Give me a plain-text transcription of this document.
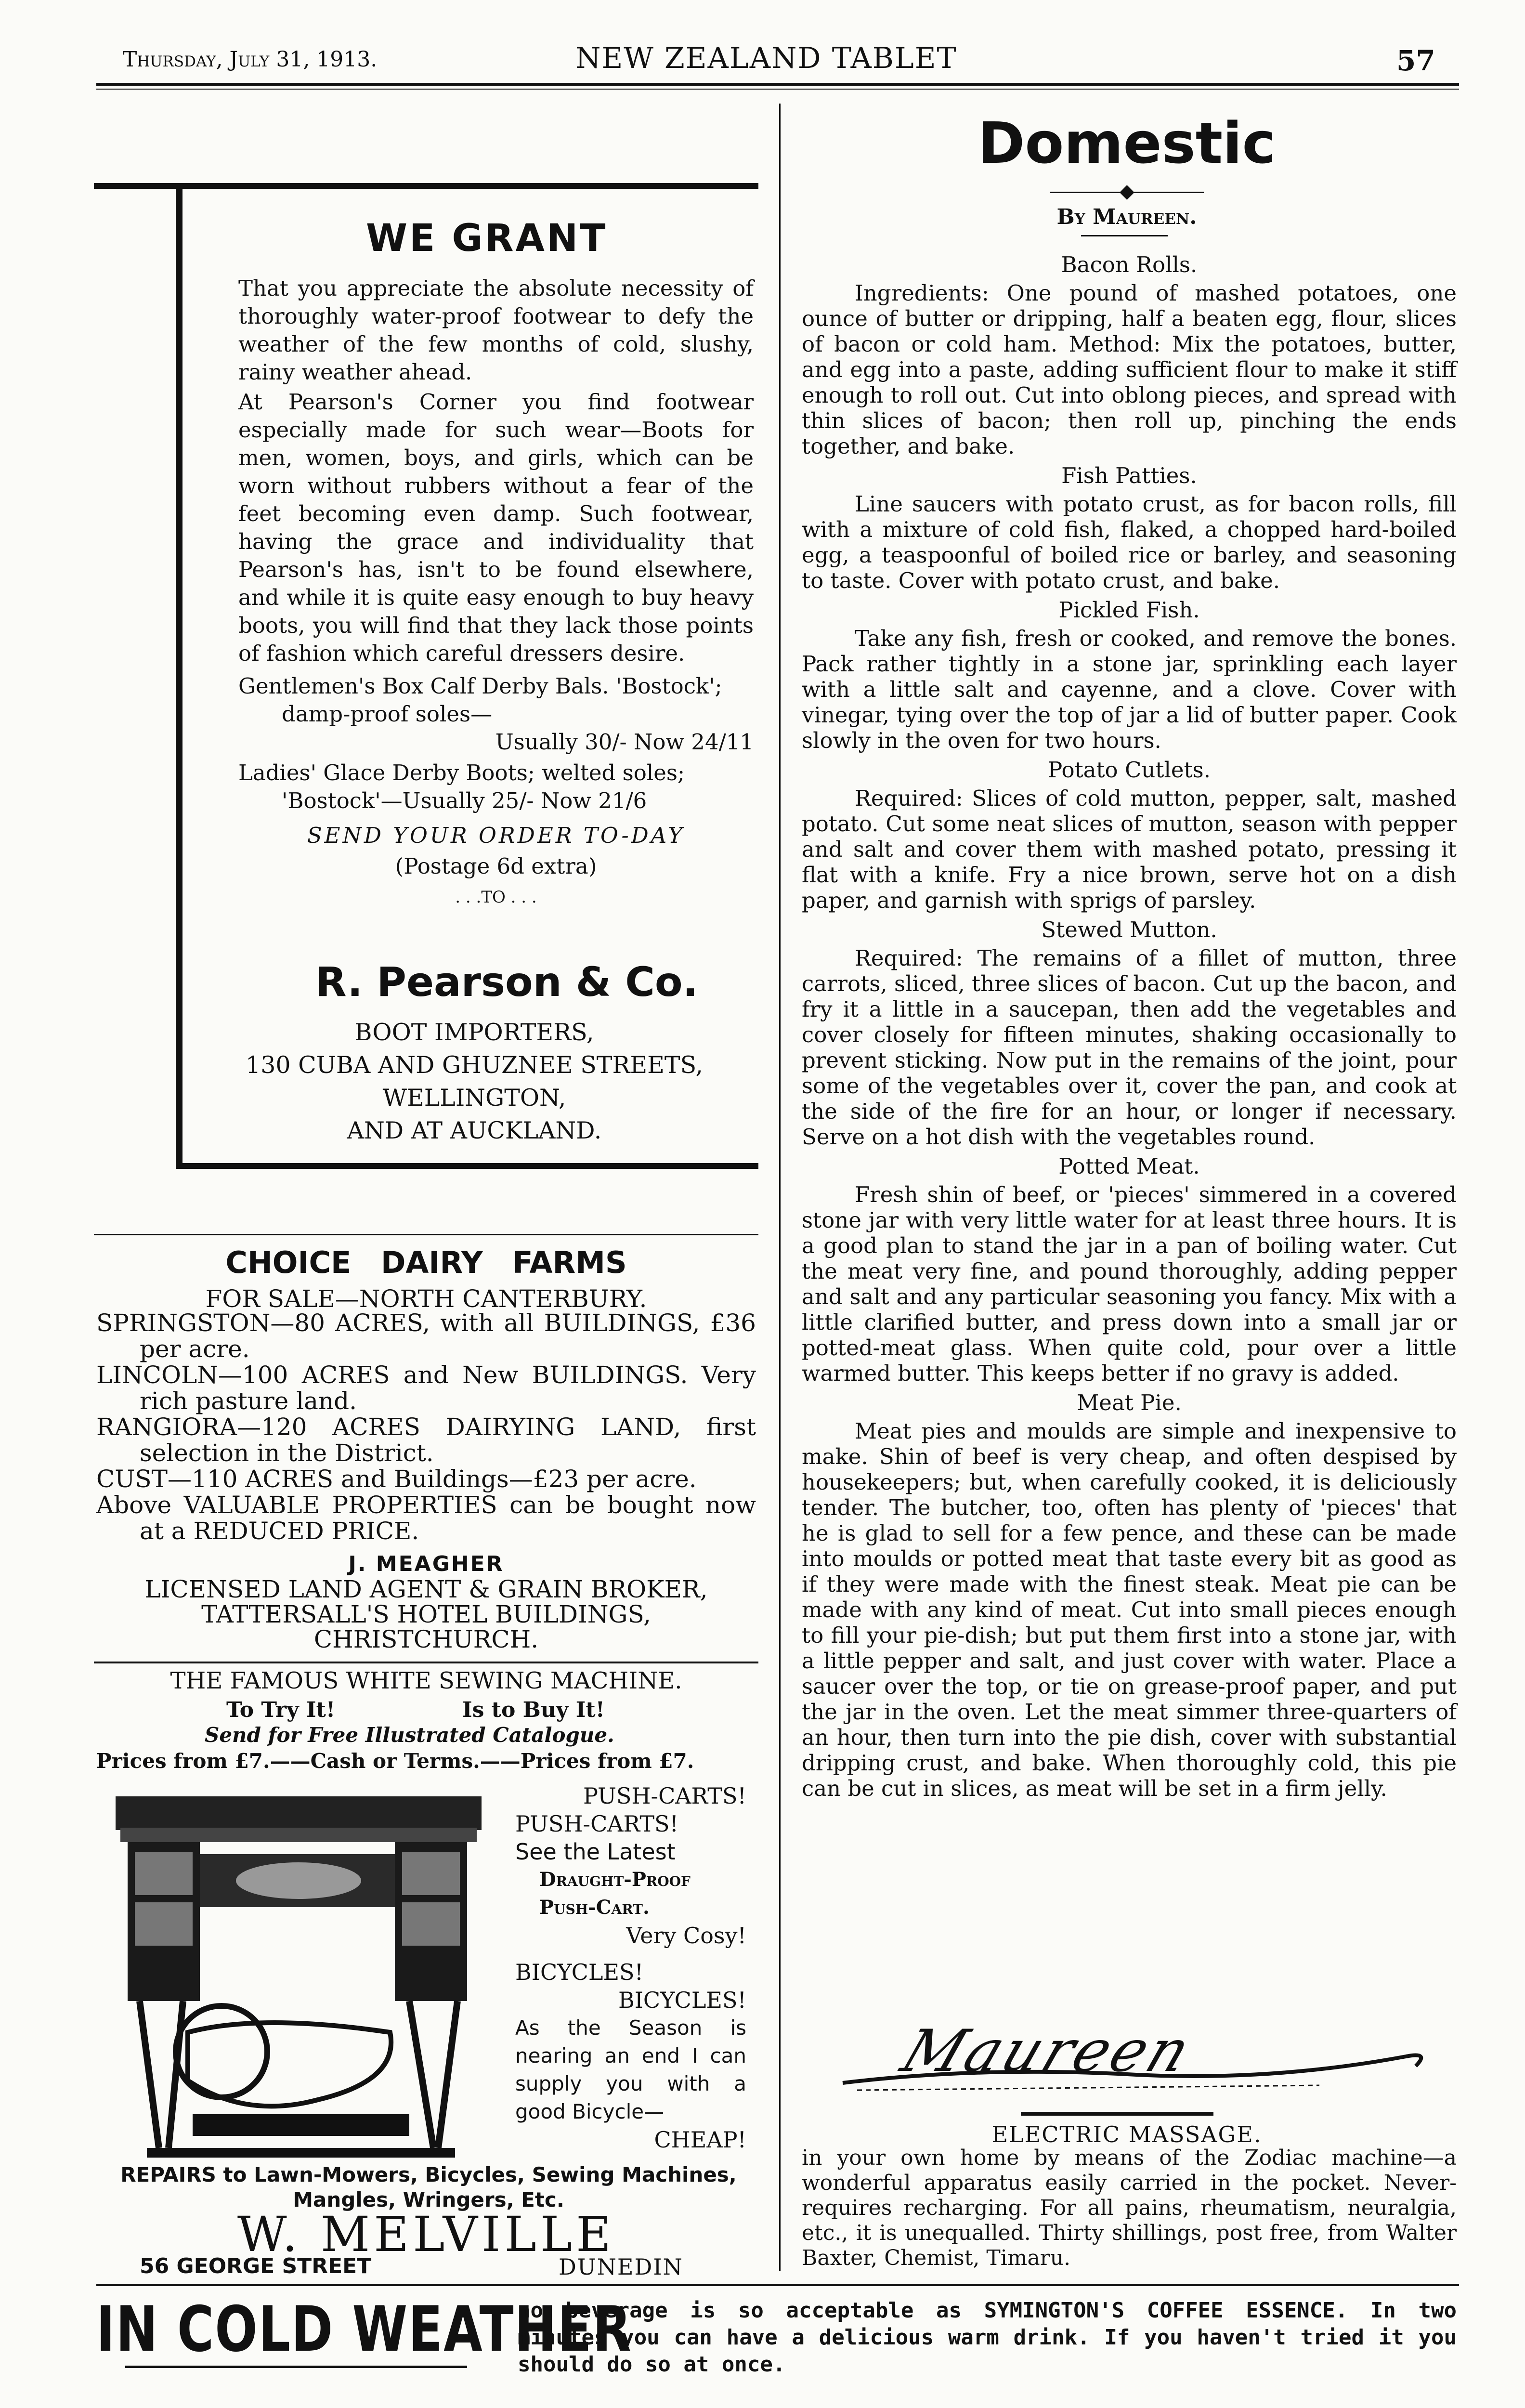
Thursday, July 31, 1913.	NEW ZEALAND TABLET	57
WE GRANT

That you appreciate the absolute necessity of thoroughly water-proof footwear to defy the weather of the few months of cold, slushy, rainy weather ahead.

At Pearson's Corner you find footwear especially made for such wear—Boots for men, women, boys, and girls, which can be worn without rubbers without a fear of the feet becoming even damp. Such footwear, having the grace and individuality that Pearson's has, isn't to be found elsewhere, and while it is quite easy enough to buy heavy boots, you will find that they lack those points of fashion which careful dressers desire.

Gentlemen's Box Calf Derby Bals. 'Bostock'; damp-proof soles—

Usually 30/- Now 24/11

Ladies' Glace Derby Boots; welted soles; 'Bostock'—Usually 25/- Now 21/6

SEND YOUR ORDER TO-DAY

(Postage 6d extra)

. . .TO . . .

R. Pearson & Co.

BOOT IMPORTERS,

130 CUBA AND GHUZNEE STREETS,

WELLINGTON,

AND AT AUCKLAND.

CHOICE DAIRY FARMS
FOR SALE—NORTH CANTERBURY.

SPRINGSTON—80 ACRES, with all BUILDINGS, £36 per acre.

LINCOLN—100 ACRES and New BUILDINGS. Very rich pasture land.

RANGIORA—120 ACRES DAIRYING LAND, first selection in the District.

CUST—110 ACRES and Buildings—£23 per acre.

Above VALUABLE PROPERTIES can be bought now at a REDUCED PRICE.

J. MEAGHER

LICENSED LAND AGENT & GRAIN BROKER,

TATTERSALL'S HOTEL BUILDINGS,

CHRISTCHURCH.

THE FAMOUS WHITE SEWING MACHINE.
To Try It!	Is to Buy It!
Send for Free Illustrated Catalogue.
Prices from £7.——Cash or Terms.——Prices from £7.

PUSH-CARTS!

PUSH-CARTS!

See the Latest

Draught-Proof

Push-Cart.

Very Cosy!

BICYCLES!

BICYCLES!

As the Season is nearing an end I can supply you with a good Bicycle—

CHEAP!

REPAIRS to Lawn-Mowers, Bicycles, Sewing Machines, Mangles, Wringers, Etc.
W. MELVILLE
56 GEORGE STREET	DUNEDIN
Domestic
◆
By Maureen.

Bacon Rolls.

Ingredients: One pound of mashed potatoes, one ounce of butter or dripping, half a beaten egg, flour, slices of bacon or cold ham. Method: Mix the potatoes, butter, and egg into a paste, adding sufficient flour to make it stiff enough to roll out. Cut into oblong pieces, and spread with thin slices of bacon; then roll up, pinching the ends together, and bake.

Fish Patties.

Line saucers with potato crust, as for bacon rolls, fill with a mixture of cold fish, flaked, a chopped hard-boiled egg, a teaspoonful of boiled rice or barley, and seasoning to taste. Cover with potato crust, and bake.

Pickled Fish.

Take any fish, fresh or cooked, and remove the bones. Pack rather tightly in a stone jar, sprinkling each layer with a little salt and cayenne, and a clove. Cover with vinegar, tying over the top of jar a lid of butter paper. Cook slowly in the oven for two hours.

Potato Cutlets.

Required: Slices of cold mutton, pepper, salt, mashed potato. Cut some neat slices of mutton, season with pepper and salt and cover them with mashed potato, pressing it flat with a knife. Fry a nice brown, serve hot on a dish paper, and garnish with sprigs of parsley.

Stewed Mutton.

Required: The remains of a fillet of mutton, three carrots, sliced, three slices of bacon. Cut up the bacon, and fry it a little in a saucepan, then add the vegetables and cover closely for fifteen minutes, shaking occasionally to prevent sticking. Now put in the remains of the joint, pour some of the vegetables over it, cover the pan, and cook at the side of the fire for an hour, or longer if necessary. Serve on a hot dish with the vegetables round.

Potted Meat.

Fresh shin of beef, or 'pieces' simmered in a covered stone jar with very little water for at least three hours. It is a good plan to stand the jar in a pan of boiling water. Cut the meat very fine, and pound thoroughly, adding pepper and salt and any particular seasoning you fancy. Mix with a little clarified butter, and press down into a small jar or potted-meat glass. When quite cold, pour over a little warmed butter. This keeps better if no gravy is added.

Meat Pie.

Meat pies and moulds are simple and inexpensive to make. Shin of beef is very cheap, and often despised by housekeepers; but, when carefully cooked, it is deliciously tender. The butcher, too, often has plenty of 'pieces' that he is glad to sell for a few pence, and these can be made into moulds or potted meat that taste every bit as good as if they were made with the finest steak. Meat pie can be made with any kind of meat. Cut into small pieces enough to fill your pie-dish; but put them first into a stone jar, with a little pepper and salt, and just cover with water. Place a saucer over the top, or tie on grease-proof paper, and put the jar in the oven. Let the meat simmer three-quarters of an hour, then turn into the pie dish, cover with substantial dripping crust, and bake. When thoroughly cold, this pie can be cut in slices, as meat will be set in a firm jelly.

Maureen
ELECTRIC MASSAGE.
in your own home by means of the Zodiac machine—a wonderful apparatus easily carried in the pocket. Never-requires recharging. For all pains, rheumatism, neuralgia, etc., it is unequalled. Thirty shillings, post free, from Walter Baxter, Chemist, Timaru.
IN COLD WEATHER
no beverage is so acceptable as SYMINGTON'S COFFEE ESSENCE. In two minutes you can have a delicious warm drink. If you haven't tried it you should do so at once.
